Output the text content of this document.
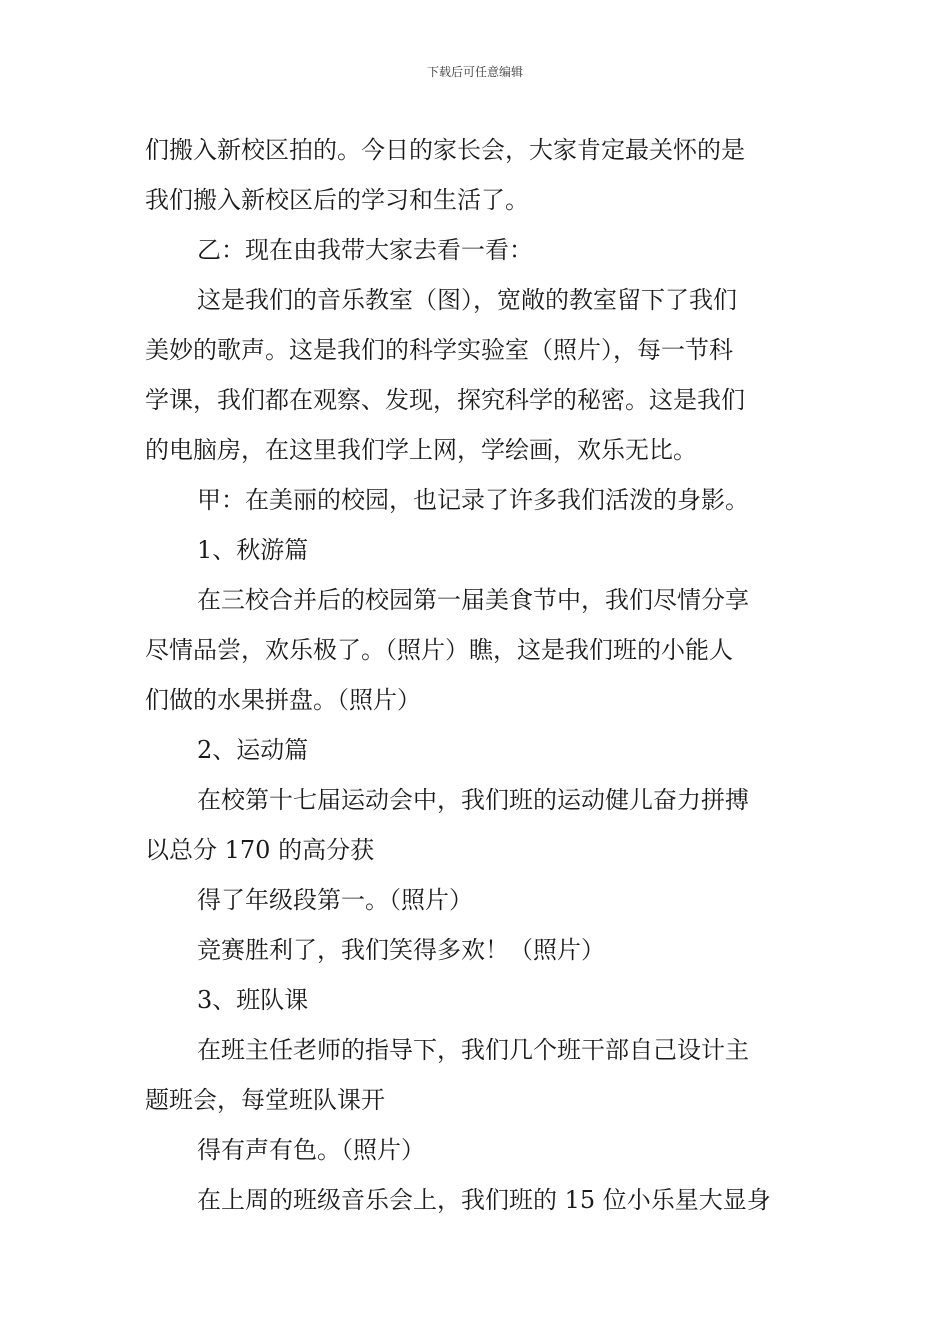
下载后可任意编辑

们搬入新校区拍的。今日的家长会，大家肯定最关怀的是

我们搬入新校区后的学习和生活了。

乙：现在由我带大家去看一看：

这是我们的音乐教室（图），宽敞的教室留下了我们

美妙的歌声。这是我们的科学实验室（照片），每一节科

学课，我们都在观察、发现，探究科学的秘密。这是我们

的电脑房，在这里我们学上网，学绘画，欢乐无比。

甲：在美丽的校园，也记录了许多我们活泼的身影。

1、秋游篇

在三校合并后的校园第一届美食节中，我们尽情分享

尽情品尝，欢乐极了。（照片）瞧，这是我们班的小能人

们做的水果拼盘。（照片）

2、运动篇

在校第十七届运动会中，我们班的运动健儿奋力拼搏

以总分 170 的高分获

得了年级段第一。（照片）

竞赛胜利了，我们笑得多欢！（照片）

3、班队课

在班主任老师的指导下，我们几个班干部自己设计主

题班会，每堂班队课开

得有声有色。（照片）

在上周的班级音乐会上，我们班的 15 位小乐星大显身
